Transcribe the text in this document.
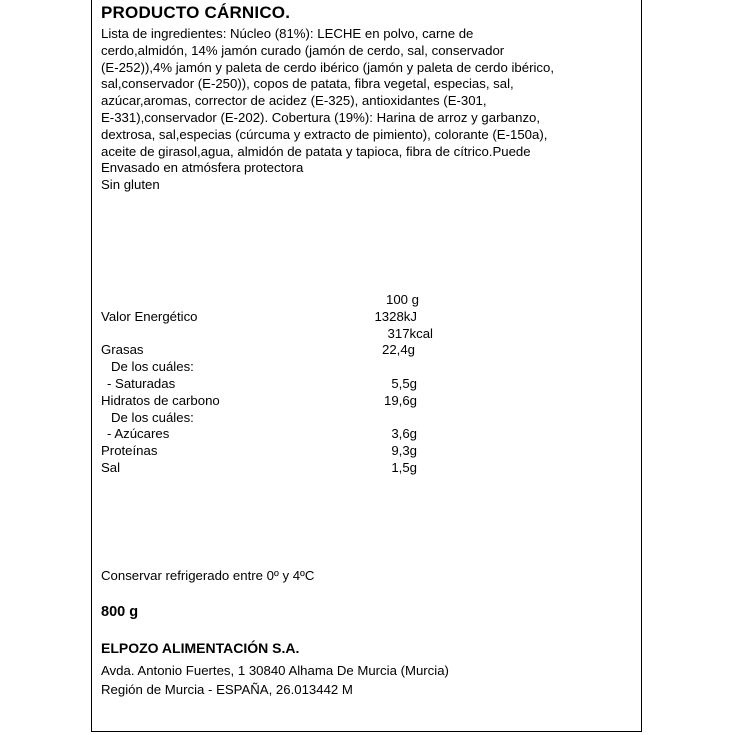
PRODUCTO CÁRNICO.
Lista de ingredientes: Núcleo (81%): LECHE en polvo, carne de
cerdo,almidón, 14% jamón curado (jamón de cerdo, sal, conservador
(E-252)),4% jamón y paleta de cerdo ibérico (jamón y paleta de cerdo ibérico,
sal,conservador (E-250)), copos de patata, fibra vegetal, especias, sal,
azúcar,aromas, corrector de acidez (E-325), antioxidantes (E-301,
E-331),conservador (E-202). Cobertura (19%): Harina de arroz y garbanzo,
dextrosa, sal,especias (cúrcuma y extracto de pimiento), colorante (E-150a),
aceite de girasol,agua, almidón de patata y tapioca, fibra de cítrico.Puede
Envasado en atmósfera protectora
Sin gluten
100 g
Valor Energético	1328kJ
317kcal
Grasas	22,4g
De los cuáles:
- Saturadas	5,5g
Hidratos de carbono	19,6g
De los cuáles:
- Azúcares	3,6g
Proteínas	9,3g
Sal	1,5g
Conservar refrigerado entre 0º y 4ºC
800 g
ELPOZO ALIMENTACIÓN S.A.
Avda. Antonio Fuertes, 1 30840 Alhama De Murcia (Murcia)
Región de Murcia - ESPAÑA, 26.013442 M
